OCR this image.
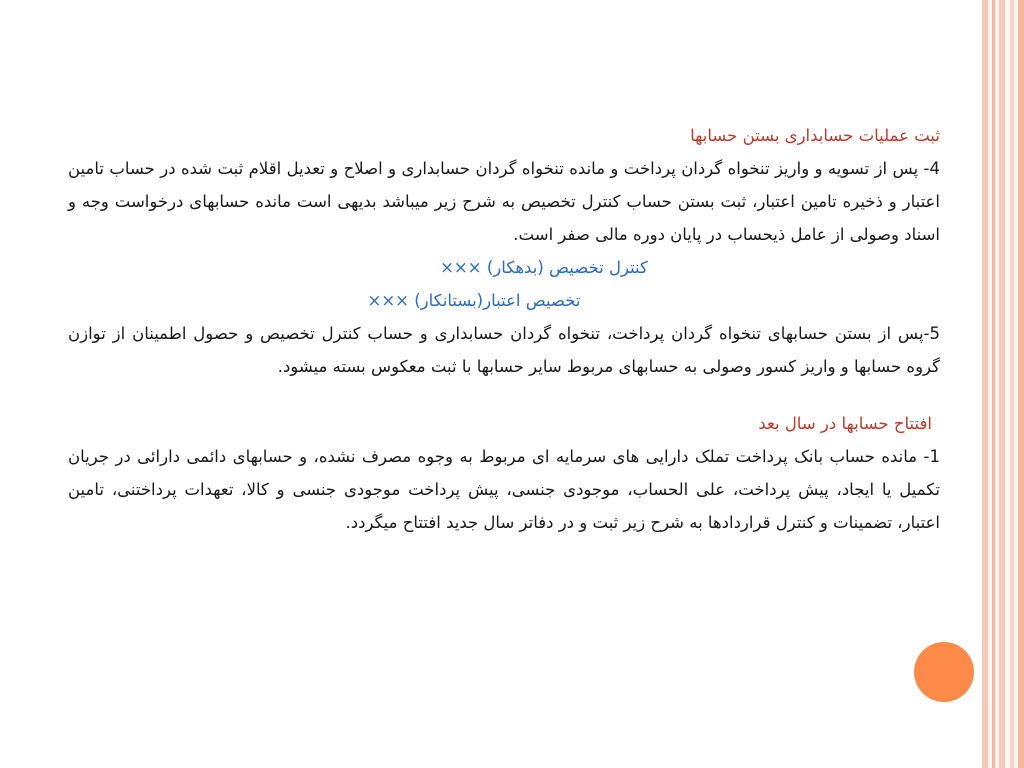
ثبت عملیات حسابداری بستن حسابها

4- پس از تسویه و واریز تنخواه گردان پرداخت و مانده تنخواه گردان حسابداری و اصلاح و تعدیل اقلام ثبت شده در حساب تامین اعتبار و ذخیره تامین اعتبار، ثبت بستن حساب کنترل تخصیص به شرح زیر میباشد بدیهی است مانده حسابهای درخواست وجه و اسناد وصولی از عامل ذیحساب در پایان دوره مالی صفر است.

کنترل تخصیص (بدهکار) ×××

تخصیص اعتبار(بستانکار) ×××

5-پس از بستن حسابهای تنخواه گردان پرداخت، تنخواه گردان حسابداری و حساب کنترل تخصیص و حصول اطمینان از توازن گروه حسابها و واریز کسور وصولی به حسابهای مربوط سایر حسابها با ثبت معکوس بسته میشود.

افتتاح حسابها در سال بعد

1- مانده حساب بانک پرداخت تملک دارایی های سرمایه ای مربوط به وجوه مصرف نشده، و حسابهای دائمی دارائی در جریان تکمیل یا ایجاد، پیش پرداخت، علی الحساب، موجودی جنسی، پیش پرداخت موجودی جنسی و کالا، تعهدات پرداختنی، تامین اعتبار، تضمینات و کنترل قراردادها به شرح زیر ثبت و در دفاتر سال جدید افتتاح میگردد.
